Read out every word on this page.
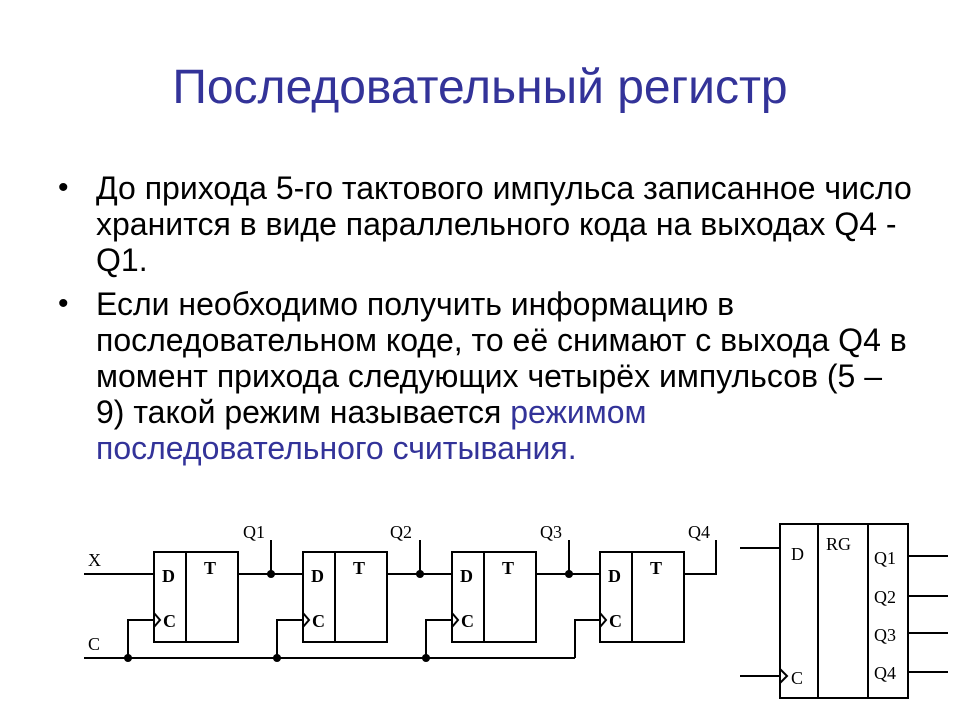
Последовательный регистр
• До прихода 5-го тактового импульса записанное число хранится в виде параллельного кода на выходах Q4 - Q1.
• Если необходимо получить информацию в последовательном коде, то её снимают с выхода Q4 в момент прихода следующих четырёх импульсов (5 – 9) такой режим называется режимом последовательного считывания.
X
C
D T
C
Q1
D T
C
Q2
D T
C
Q3
D T
C
Q4
D
C
RG
Q1
Q2
Q3
Q4
